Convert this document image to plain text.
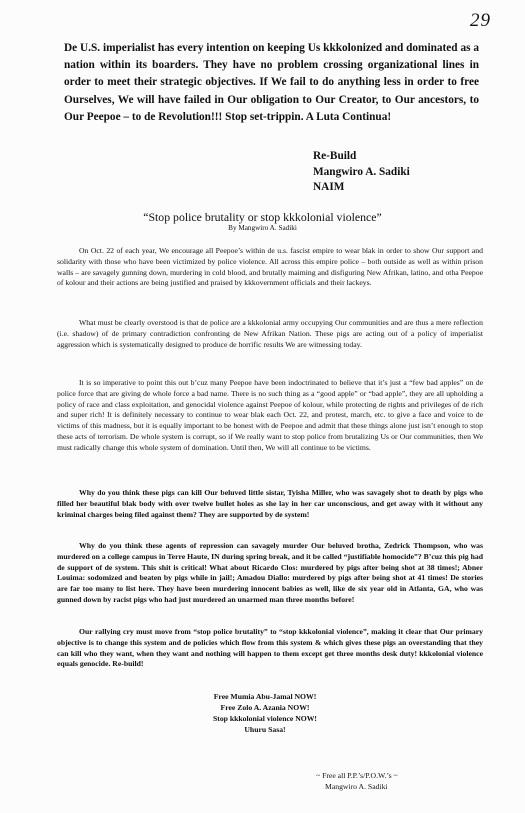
29
De U.S. imperialist has every intention on keeping Us kkkolonized and dominated as a nation within its boarders. They have no problem crossing organizational lines in order to meet their strategic objectives. If We fail to do anything less in order to free Ourselves, We will have failed in Our obligation to Our Creator, to Our ancestors, to Our Peepoe – to de Revolution!!! Stop set-trippin. A Luta Continua!
Re-Build
Mangwiro A. Sadiki
NAIM
“Stop police brutality or stop kkkolonial violence”
By Mangwiro A. Sadiki
On Oct. 22 of each year, We encourage all Peepoe’s within de u.s. fascist empire to wear blak in order to show Our support and solidarity with those who have been victimized by police violence. All across this empire police – both outside as well as within prison walls – are savagely gunning down, murdering in cold blood, and brutally maiming and disfiguring New Afrikan, latino, and otha Peepoe of kolour and their actions are being justified and praised by kkkovernment officials and their lackeys.
What must be clearly overstood is that de police are a kkkolonial army occupying Our communities and are thus a mere reflection (i.e. shadow) of de primary contradiction confronting de New Afrikan Nation. These pigs are acting out of a policy of imperialist aggression which is systematically designed to produce de horrific results We are witnessing today.
It is so imperative to point this out b’cuz many Peepoe have been indoctrinated to believe that it’s just a “few bad apples” on de police force that are giving de whole force a bad name. There is no such thing as a “good apple” or “bad apple”, they are all upholding a policy of race and class exploitation, and genocidal violence against Peepoe of kolour, while protecting de rights and privileges of de rich and super rich! It is definitely necessary to continue to wear blak each Oct. 22, and protest, march, etc. to give a face and voice to de victims of this madness, but it is equally important to be honest with de Peepoe and admit that these things alone just isn’t enough to stop these acts of terrorism. De whole system is corrupt, so if We really want to stop police from brutalizing Us or Our communities, then We must radically change this whole system of domination. Until then, We will all continue to be victims.
Why do you think these pigs can kill Our beluved little sistar, Tyisha Miller, who was savagely shot to death by pigs who filled her beautiful blak body with over twelve bullet holes as she lay in her car unconscious, and get away with it without any kriminal charges being filed against them? They are supported by de system!
Why do you think these agents of repression can savagely murder Our beluved brotha, Zedrick Thompson, who was murdered on a college campus in Terre Haute, IN during spring break, and it be called “justifiable homocide”? B’cuz this pig had de support of de system. This shit is critical! What about Ricardo Clos: murdered by pigs after being shot at 38 times!; Abner Louima: sodomized and beaten by pigs while in jail!; Amadou Diallo: murdered by pigs after being shot at 41 times! De stories are far too many to list here. They have been murdering innocent babies as well, like de six year old in Atlanta, GA, who was gunned down by racist pigs who had just murdered an unarmed man three months before!
Our rallying cry must move from “stop police brutality” to “stop kkkolonial violence”, making it clear that Our primary objective is to change this system and de policies which flow from this system & which gives these pigs an overstanding that they can kill who they want, when they want and nothing will happen to them except get three months desk duty! kkkolonial violence equals genocide. Re-build!
Free Mumia Abu-Jamal NOW!
Free Zolo A. Azania NOW!
Stop kkkolonial violence NOW!
Uhuru Sasa!
~ Free all P.P.’s/P.O.W.’s ~
Mangwiro A. Sadiki
